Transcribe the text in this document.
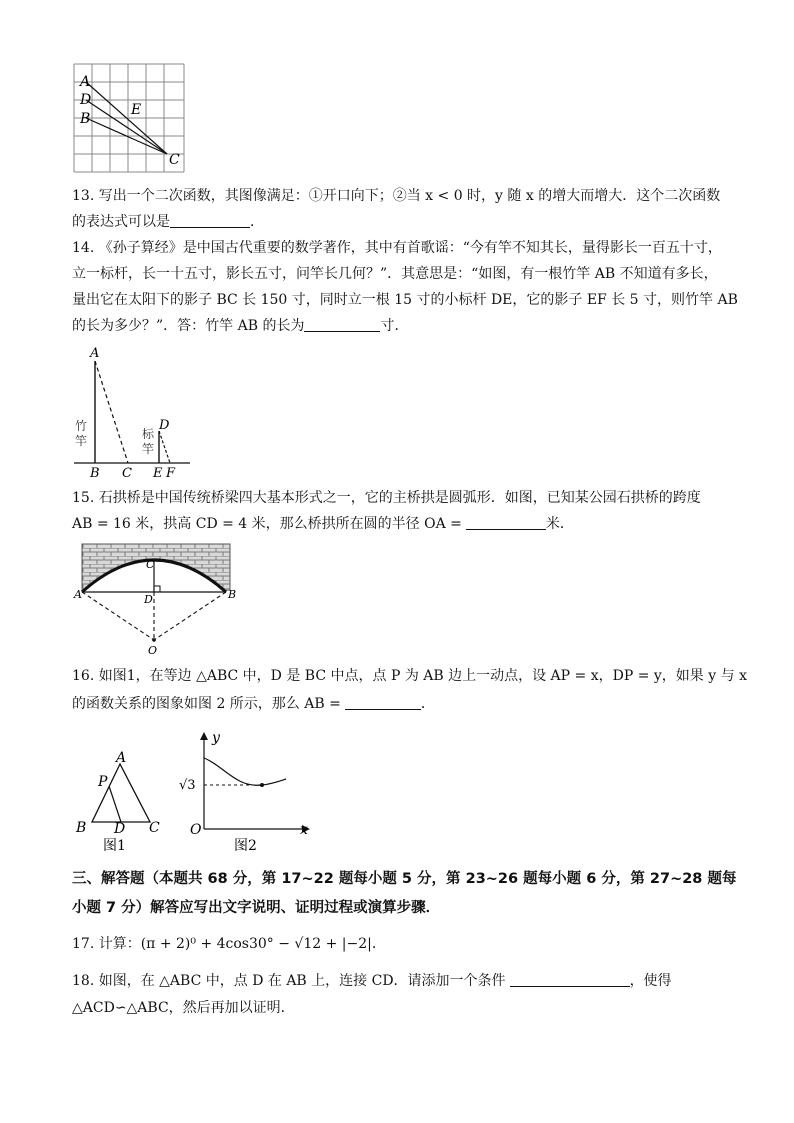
A
D
B
E
C
13. 写出一个二次函数，其图像满足：①开口向下；②当 x < 0 时，y 随 x 的增大而增大．这个二次函数
的表达式可以是	．
14. 《孙子算经》是中国古代重要的数学著作，其中有首歌谣：“今有竿不知其长，量得影长一百五十寸，
立一标杆，长一十五寸，影长五寸，问竿长几何？”．其意思是：“如图，有一根竹竿 AB 不知道有多长，
量出它在太阳下的影子 BC 长 150 寸，同时立一根 15 寸的小标杆 DE，它的影子 EF 长 5 寸，则竹竿 AB
的长为多少？”．答：竹竿 AB 的长为	寸．
A
B C
D
E F
竹
竿	标
竿
15. 石拱桥是中国传统桥梁四大基本形式之一，它的主桥拱是圆弧形．如图，已知某公园石拱桥的跨度
AB = 16 米，拱高 CD = 4 米，那么桥拱所在圆的半径 OA =	米．
A	B
C
D
O
16. 如图1，在等边 △ABC 中，D 是 BC 中点，点 P 为 AB 边上一动点，设 AP = x，DP = y，如果 y 与 x
的函数关系的图象如图 2 所示，那么 AB =	．
A
P
B D C
图1
y
x
O
√3
图2
三、解答题（本题共 68 分，第 17~22 题每小题 5 分，第 23~26 题每小题 6 分，第 27~28 题每
小题 7 分）解答应写出文字说明、证明过程或演算步骤．
17. 计算：(π + 2)⁰ + 4cos30° − √12 + |−2|．
18. 如图，在 △ABC 中，点 D 在 AB 上，连接 CD．请添加一个条件	，使得
△ACD∽△ABC，然后再加以证明．
